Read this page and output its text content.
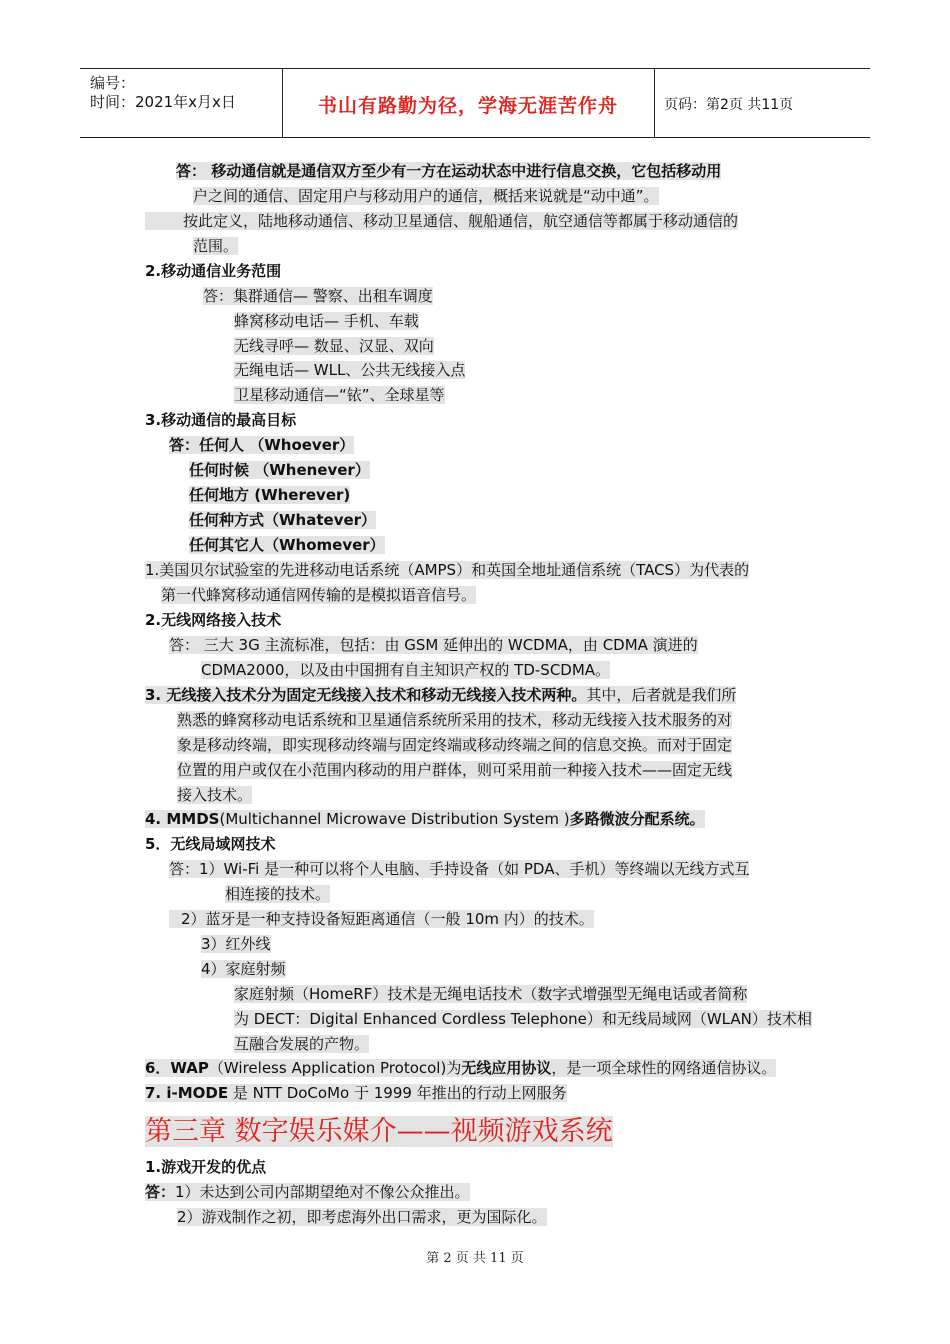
编号：
时间：2021年x月x日	书山有路勤为径，学海无涯苦作舟	页码：第2页 共11页
答： 移动通信就是通信双方至少有一方在运动状态中进行信息交换，它包括移动用
户之间的通信、固定用户与移动用户的通信，概括来说就是“动中通”。
按此定义，陆地移动通信、移动卫星通信、舰船通信，航空通信等都属于移动通信的
范围。
2.移动通信业务范围
答：集群通信— 警察、出租车调度
蜂窝移动电话— 手机、车载
无线寻呼— 数显、汉显、双向
无绳电话— WLL、公共无线接入点
卫星移动通信—“铱”、全球星等
3.移动通信的最高目标
答：任何人 （Whoever）
任何时候 （Whenever）
任何地方 (Wherever)
任何种方式（Whatever）
任何其它人（Whomever）
1.美国贝尔试验室的先进移动电话系统（AMPS）和英国全地址通信系统（TACS）为代表的
第一代蜂窝移动通信网传输的是模拟语音信号。
2.无线网络接入技术
答： 三大 3G 主流标准，包括：由 GSM 延伸出的 WCDMA，由 CDMA 演进的
CDMA2000，以及由中国拥有自主知识产权的 TD-SCDMA。
3. 无线接入技术分为固定无线接入技术和移动无线接入技术两种。其中，后者就是我们所
熟悉的蜂窝移动电话系统和卫星通信系统所采用的技术，移动无线接入技术服务的对
象是移动终端，即实现移动终端与固定终端或移动终端之间的信息交换。而对于固定
位置的用户或仅在小范围内移动的用户群体，则可采用前一种接入技术——固定无线
接入技术。
4. MMDS(Multichannel Microwave Distribution System )多路微波分配系统。
5．无线局域网技术
答：1）Wi-Fi 是一种可以将个人电脑、手持设备（如 PDA、手机）等终端以无线方式互
相连接的技术。
2）蓝牙是一种支持设备短距离通信（一般 10m 内）的技术。
3）红外线
4）家庭射频
家庭射频（HomeRF）技术是无绳电话技术（数字式增强型无绳电话或者简称
为 DECT：Digital Enhanced Cordless Telephone）和无线局域网（WLAN）技术相
互融合发展的产物。
6．WAP（Wireless Application Protocol)为无线应用协议，是一项全球性的网络通信协议。
7. i-MODE 是 NTT DoCoMo 于 1999 年推出的行动上网服务
第三章 数字娱乐媒介——视频游戏系统
1.游戏开发的优点
答：1）未达到公司内部期望绝对不像公众推出。
2）游戏制作之初，即考虑海外出口需求，更为国际化。
第 2 页 共 11 页
